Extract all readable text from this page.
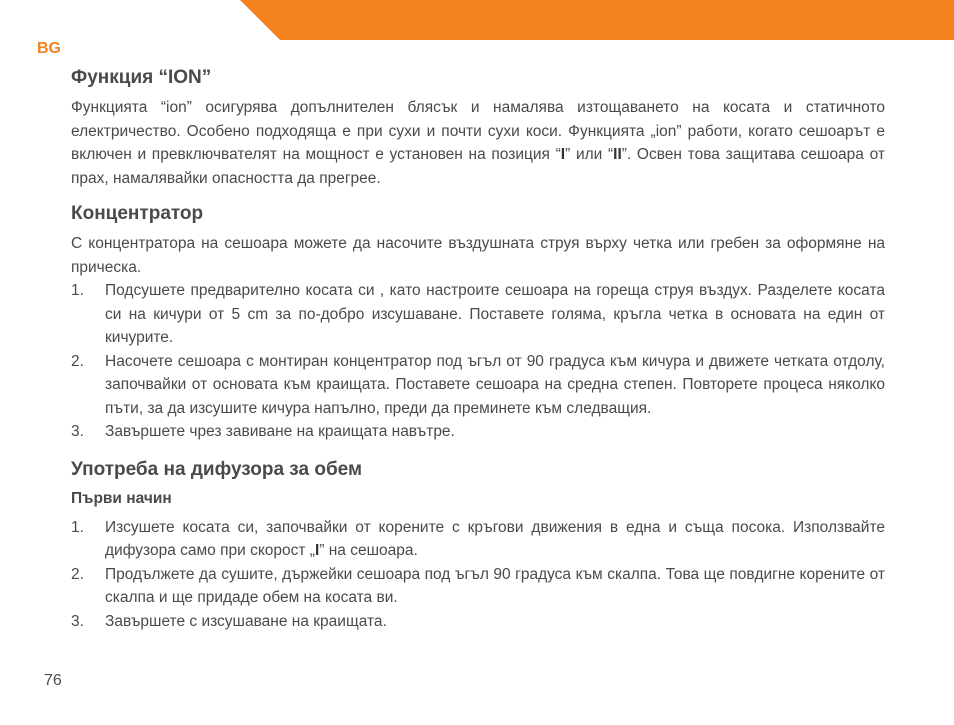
BG
Функция “ION”

Функцията “ion” осигурява допълнителен блясък и намалява изтощаването на косата и статичното електричество. Особено подходяща е при сухи и почти сухи коси. Функцията „ion” работи, когато сешоарът е включен и превключвателят на мощност е установен на позиция “I” или “II”. Освен това защитава сешоара от прах, намалявайки опасността да прегрее.

Концентратор

С концентратора на сешоара можете да насочите въздушната струя върху четка или гребен за оформяне на прическа.

1. Подсушете предварително косата си , като настроите сешоара на гореща струя въздух. Разделете косата си на кичури от 5 cm за по-добро изсушаване. Поставете голяма, кръгла четка в основата на един от кичурите.
2. Насочете сешоара с монтиран концентратор под ъгъл от 90 градуса към кичура и движете четката отдолу, започвайки от основата към краищата. Поставете сешоара на средна степен. Повторете процеса няколко пъти, за да изсушите кичура напълно, преди да преминете към следващия.
3. Завършете чрез завиване на краищата навътре.
Употреба на дифузора за обем
Първи начин
1. Изсушете косата си, започвайки от корените с кръгови движения в една и съща посока. Използвайте дифузора само при скорост „I” на сешоара.
2. Продължете да сушите, държейки сешоара под ъгъл 90 градуса към скалпа. Това ще повдигне корените от скалпа и ще придаде обем на косата ви.
3. Завършете с изсушаване на краищата.
76
